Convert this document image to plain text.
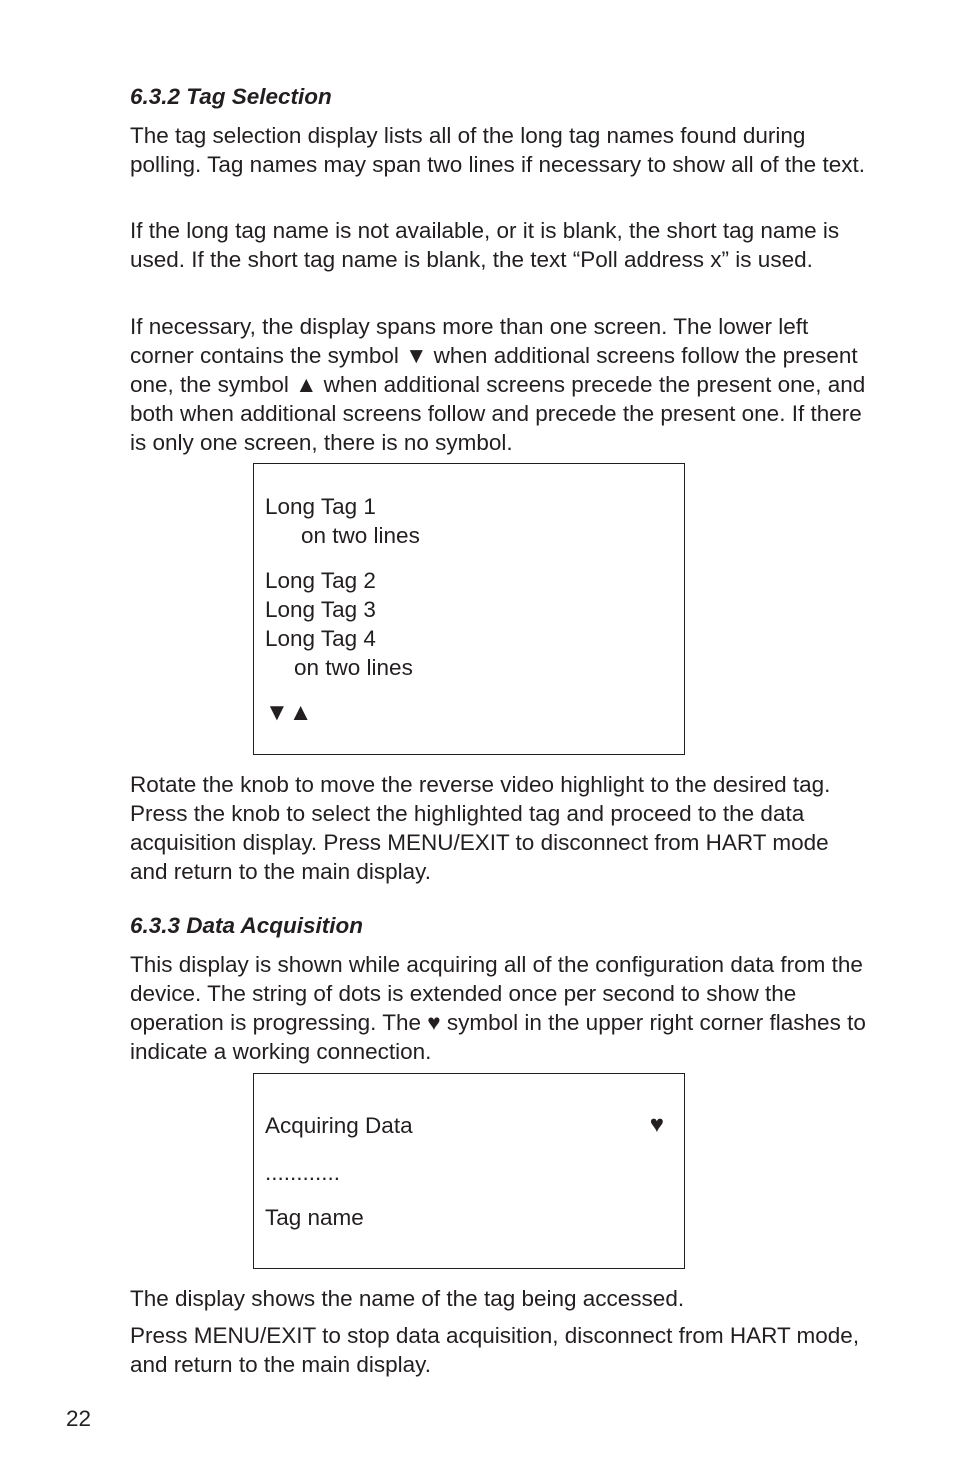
6.3.2 Tag Selection

The tag selection display lists all of the long tag names found during polling. Tag names may span two lines if necessary to show all of the text.

If the long tag name is not available, or it is blank, the short tag name is used. If the short tag name is blank, the text “Poll address x” is used.

If necessary, the display spans more than one screen. The lower left corner contains the symbol ▼ when additional screens follow the present one, the symbol ▲ when additional screens precede the present one, and both when additional screens follow and precede the present one. If there is only one screen, there is no symbol.

Long Tag 1
on two lines
Long Tag 2
Long Tag 3
Long Tag 4
on two lines
▼▲

Rotate the knob to move the reverse video highlight to the desired tag. Press the knob to select the highlighted tag and proceed to the data acquisition display. Press MENU/EXIT to disconnect from HART mode and return to the main display.

6.3.3 Data Acquisition

This display is shown while acquiring all of the configuration data from the device. The string of dots is extended once per second to show the operation is progressing. The ♥ symbol in the upper right corner flashes to indicate a working connection.

Acquiring Data	♥
............
Tag name

The display shows the name of the tag being accessed.

Press MENU/EXIT to stop data acquisition, disconnect from HART mode, and return to the main display.

22
